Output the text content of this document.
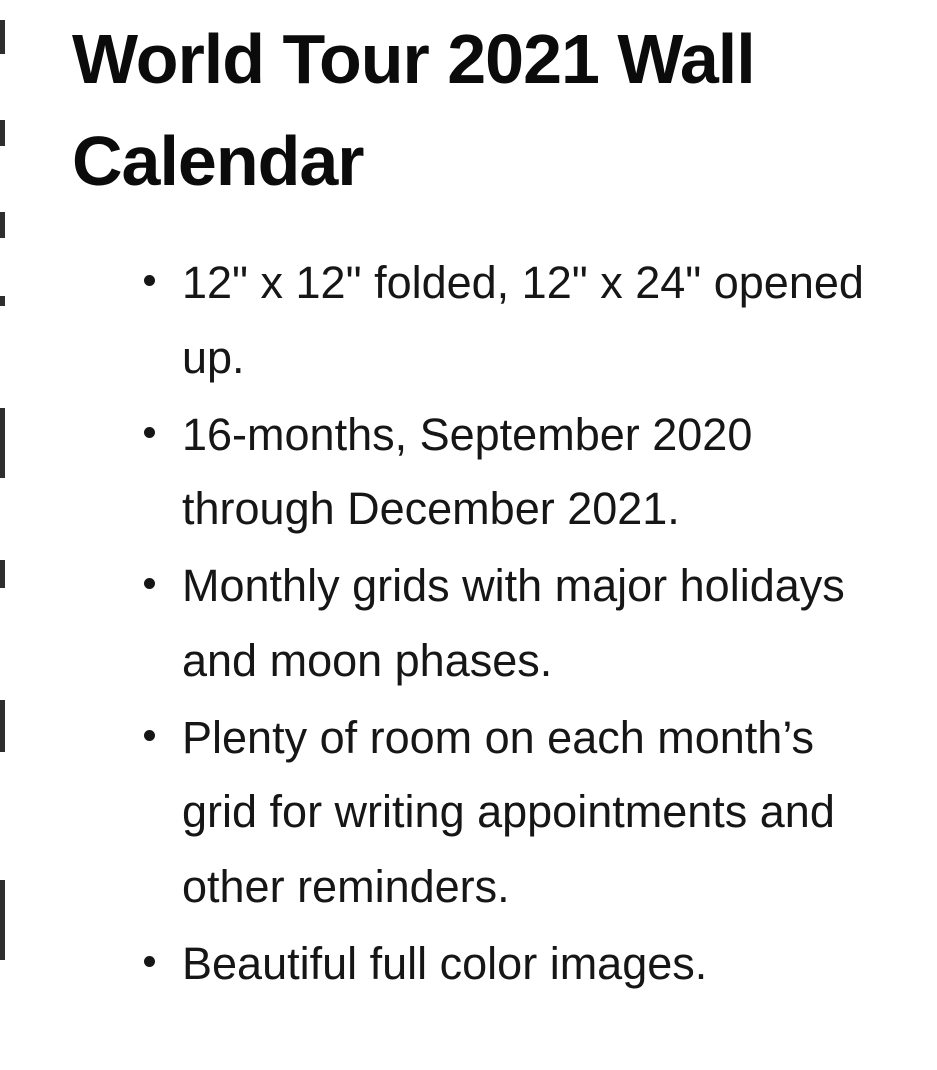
World Tour 2021 Wall Calendar
12" x 12" folded, 12" x 24" opened up.
16-months, September 2020 through December 2021.
Monthly grids with major holidays and moon phases.
Plenty of room on each month’s grid for writing appointments and other reminders.
Beautiful full color images.
